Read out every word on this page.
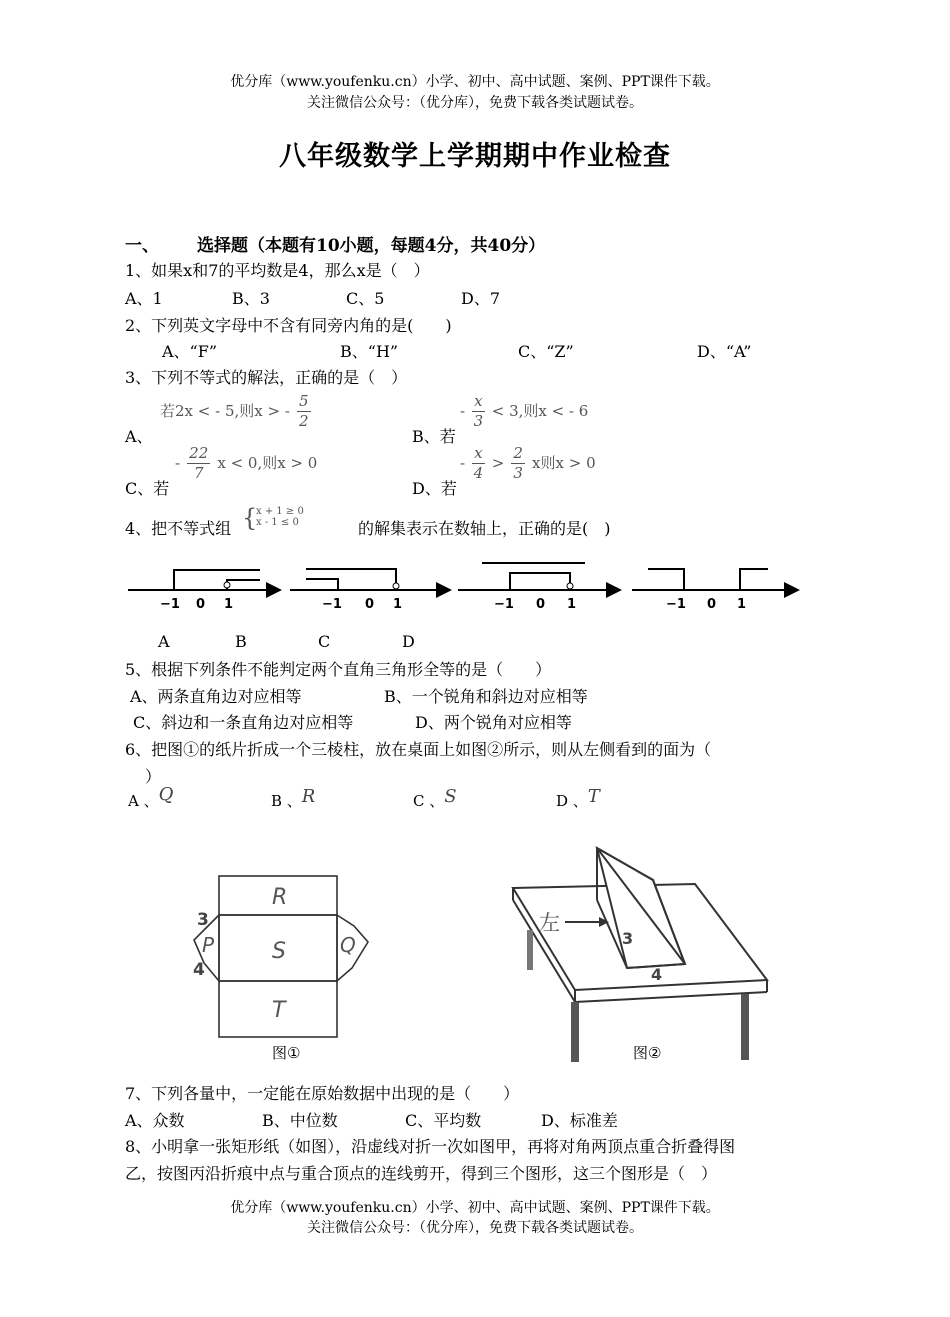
优分库（www.youfenku.cn）小学、初中、高中试题、案例、PPT课件下载。
关注微信公众号：（优分库），免费下载各类试题试卷。
八年级数学上学期期中作业检查
一、 选择题（本题有10小题，每题4分，共40分）
1、如果x和7的平均数是4，那么x是（　）
A、1	B、3	C、5	D、7
2、下列英文字母中不含有同旁内角的是(　　)
A、“F”	B、“H”	C、“Z”	D、“A”
3、下列不等式的解法，正确的是（　）
A、
若2x < - 5,则x > - $\frac{5}{2}$
B、若
- $\frac{x}{3} < 3$,则x < - 6
C、若
- $\frac{22}{7}$ x < 0,则x > 0
D、若
- $\frac{x}{4} > \frac{2}{3}$ x则x > 0
4、把不等式组 {
x + 1 ≥ 0
x - 1 ≤ 0	的解集表示在数轴上，正确的是(　)
−1 0 1	−1 0 1	−1 0 1	−1 0 1
A	B	C	D
5、根据下列条件不能判定两个直角三角形全等的是（　　）
A、两条直角边对应相等	B、一个锐角和斜边对应相等
C、斜边和一条直角边对应相等	D、两个锐角对应相等
6、把图①的纸片折成一个三棱柱，放在桌面上如图②所示，则从左侧看到的面为（
）
A 、Q	B 、R	C 、S	D 、T
R
P	S	Q
T
3
4
图①
左
3
4
图②
7、下列各量中，一定能在原始数据中出现的是（　　）
A、众数	B、中位数	C、平均数	D、标准差
8、小明拿一张矩形纸（如图），沿虚线对折一次如图甲，再将对角两顶点重合折叠得图
乙，按图丙沿折痕中点与重合顶点的连线剪开，得到三个图形，这三个图形是（　）
优分库（www.youfenku.cn）小学、初中、高中试题、案例、PPT课件下载。
关注微信公众号：（优分库），免费下载各类试题试卷。
